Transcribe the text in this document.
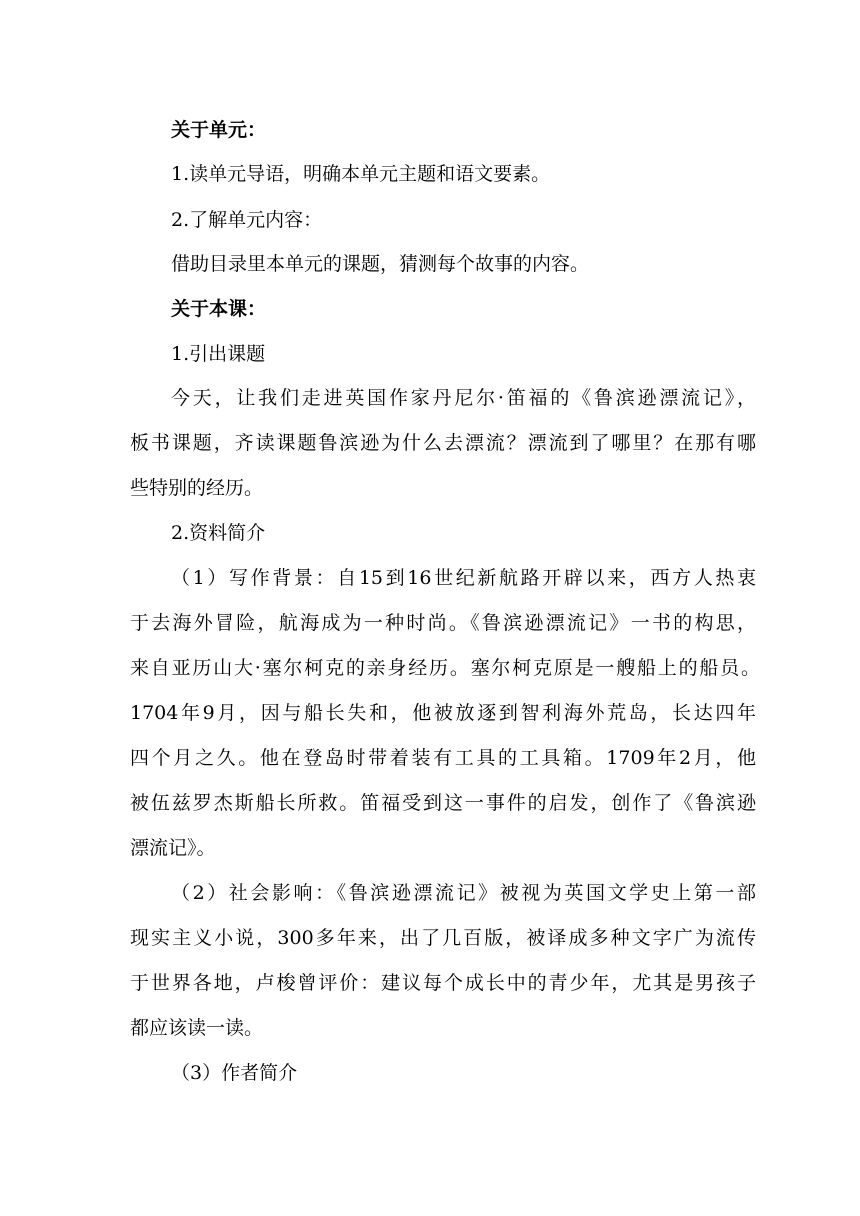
关于单元：
1.读单元导语，明确本单元主题和语文要素。
2.了解单元内容：
借助目录里本单元的课题，猜测每个故事的内容。
关于本课：
1.引出课题
今天，让我们走进英国作家丹尼尔·笛福的《鲁滨逊漂流记》，
板书课题，齐读课题鲁滨逊为什么去漂流？漂流到了哪里？在那有哪
些特别的经历。
2.资料简介
（1）写作背景：自15到16世纪新航路开辟以来，西方人热衷
于去海外冒险，航海成为一种时尚。《鲁滨逊漂流记》一书的构思，
来自亚历山大·塞尔柯克的亲身经历。塞尔柯克原是一艘船上的船员。
1704年9月，因与船长失和，他被放逐到智利海外荒岛，长达四年
四个月之久。他在登岛时带着装有工具的工具箱。1709年2月，他
被伍兹罗杰斯船长所救。笛福受到这一事件的启发，创作了《鲁滨逊
漂流记》。
（2）社会影响：《鲁滨逊漂流记》被视为英国文学史上第一部
现实主义小说，300多年来，出了几百版，被译成多种文字广为流传
于世界各地，卢梭曾评价：建议每个成长中的青少年，尤其是男孩子
都应该读一读。
（3）作者简介
